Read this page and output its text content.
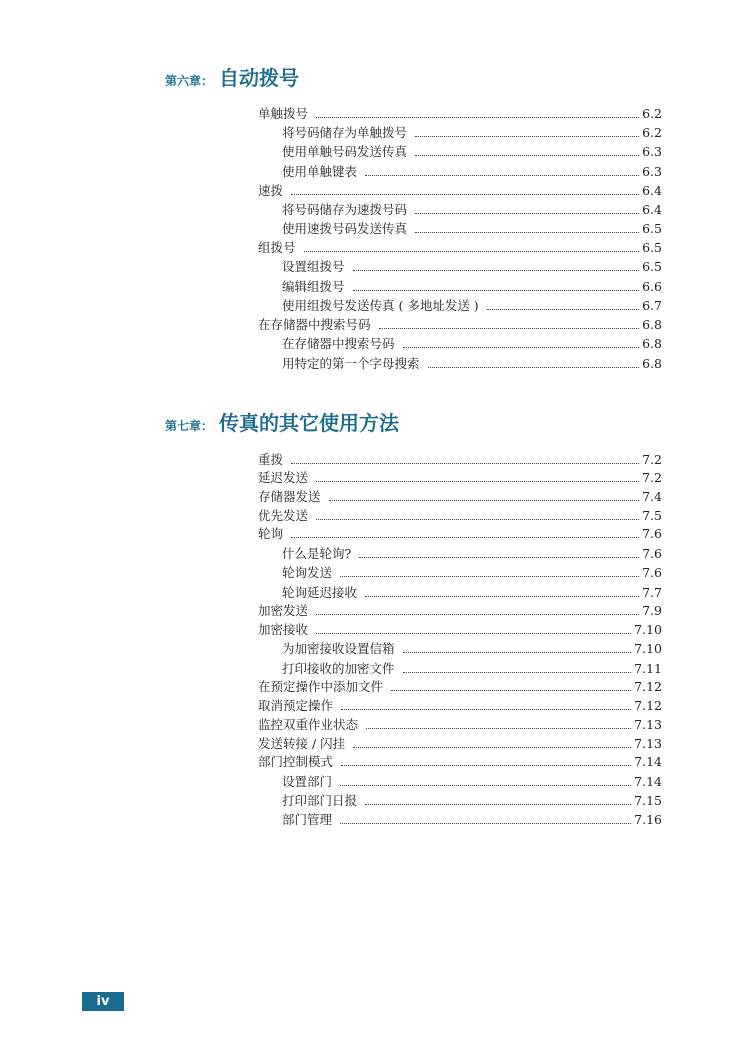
第六章： 自动拨号
单触拨号	6.2
将号码储存为单触拨号	6.2
使用单触号码发送传真	6.3
使用单触键表	6.3
速拨	6.4
将号码储存为速拨号码	6.4
使用速拨号码发送传真	6.5
组拨号	6.5
设置组拨号	6.5
编辑组拨号	6.6
使用组拨号发送传真 ( 多地址发送 )	6.7
在存储器中搜索号码	6.8
在存储器中搜索号码	6.8
用特定的第一个字母搜索	6.8
第七章： 传真的其它使用方法
重拨	7.2
延迟发送	7.2
存储器发送	7.4
优先发送	7.5
轮询	7.6
什么是轮询?	7.6
轮询发送	7.6
轮询延迟接收	7.7
加密发送	7.9
加密接收	7.10
为加密接收设置信箱	7.10
打印接收的加密文件	7.11
在预定操作中添加文件	7.12
取消预定操作	7.12
监控双重作业状态	7.13
发送转接 / 闪挂	7.13
部门控制模式	7.14
设置部门	7.14
打印部门日报	7.15
部门管理	7.16
iv
